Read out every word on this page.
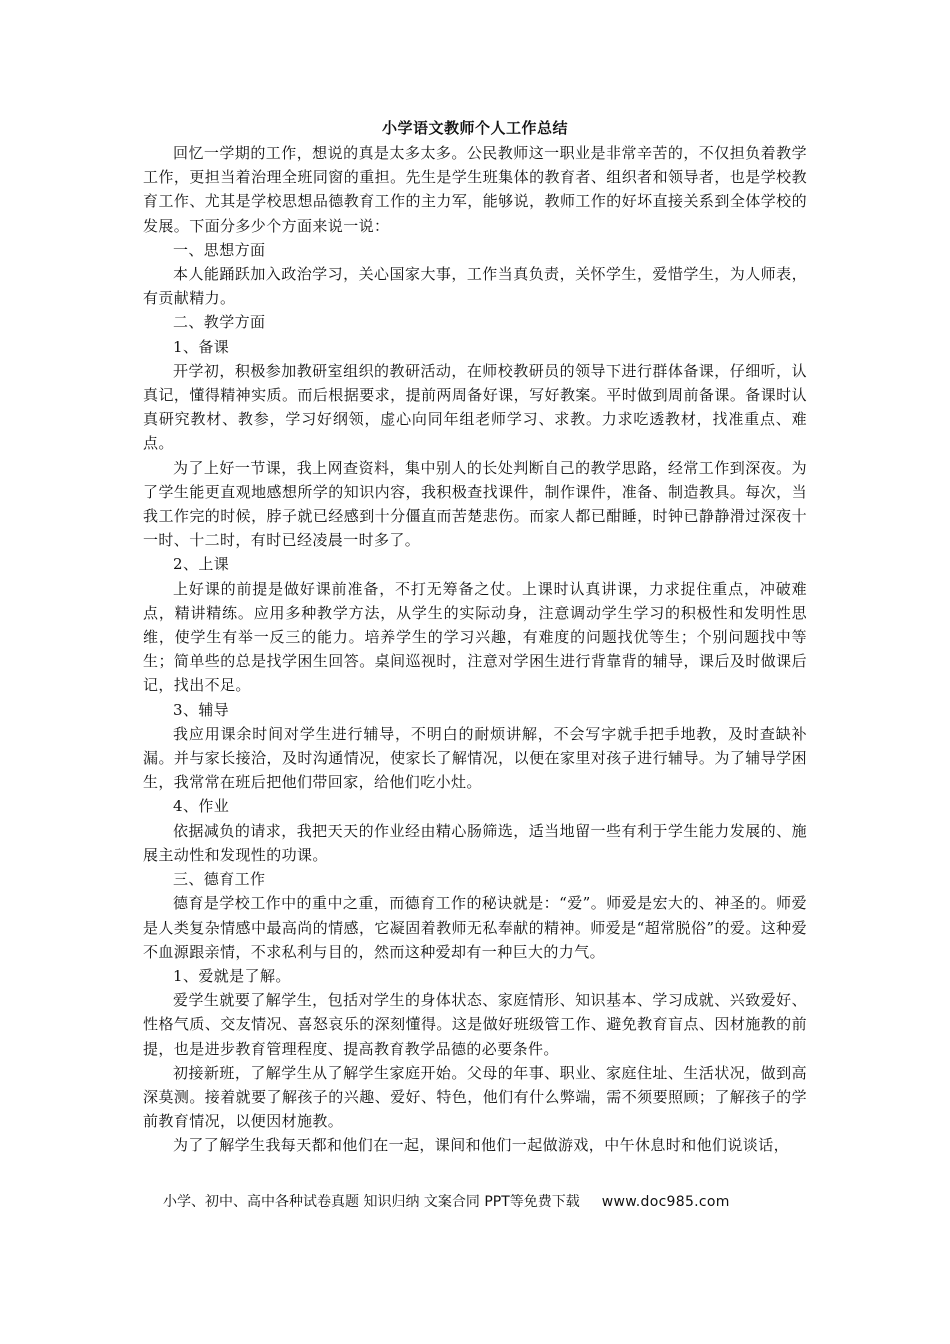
小学语文教师个人工作总结

回忆一学期的工作，想说的真是太多太多。公民教师这一职业是非常辛苦的，不仅担负着教学工作，更担当着治理全班同窗的重担。先生是学生班集体的教育者、组织者和领导者，也是学校教育工作、尤其是学校思想品德教育工作的主力军，能够说，教师工作的好坏直接关系到全体学校的发展。下面分多少个方面来说一说：

一、思想方面

本人能踊跃加入政治学习，关心国家大事，工作当真负责，关怀学生，爱惜学生，为人师表，有贡献精力。

二、教学方面

1、备课

开学初，积极参加教研室组织的教研活动，在师校教研员的领导下进行群体备课，仔细听，认真记，懂得精神实质。而后根据要求，提前两周备好课，写好教案。平时做到周前备课。备课时认真研究教材、教参，学习好纲领，虚心向同年组老师学习、求教。力求吃透教材，找准重点、难点。

为了上好一节课，我上网查资料，集中别人的长处判断自己的教学思路，经常工作到深夜。为了学生能更直观地感想所学的知识内容，我积极查找课件，制作课件，准备、制造教具。每次，当我工作完的时候，脖子就已经感到十分僵直而苦楚悲伤。而家人都已酣睡，时钟已静静滑过深夜十一时、十二时，有时已经凌晨一时多了。

2、上课

上好课的前提是做好课前准备，不打无筹备之仗。上课时认真讲课，力求捉住重点，冲破难点，精讲精练。应用多种教学方法，从学生的实际动身，注意调动学生学习的积极性和发明性思维，使学生有举一反三的能力。培养学生的学习兴趣，有难度的问题找优等生；个别问题找中等生；简单些的总是找学困生回答。桌间巡视时，注意对学困生进行背靠背的辅导，课后及时做课后记，找出不足。

3、辅导

我应用课余时间对学生进行辅导，不明白的耐烦讲解，不会写字就手把手地教，及时查缺补漏。并与家长接洽，及时沟通情况，使家长了解情况，以便在家里对孩子进行辅导。为了辅导学困生，我常常在班后把他们带回家，给他们吃小灶。

4、作业

依据减负的请求，我把天天的作业经由精心肠筛选，适当地留一些有利于学生能力发展的、施展主动性和发现性的功课。

三、德育工作

德育是学校工作中的重中之重，而德育工作的秘诀就是：“爱”。师爱是宏大的、神圣的。师爱是人类复杂情感中最高尚的情感，它凝固着教师无私奉献的精神。师爱是“超常脱俗”的爱。这种爱不血源跟亲情，不求私利与目的，然而这种爱却有一种巨大的力气。

1、爱就是了解。

爱学生就要了解学生，包括对学生的身体状态、家庭情形、知识基本、学习成就、兴致爱好、性格气质、交友情况、喜怒哀乐的深刻懂得。这是做好班级管工作、避免教育盲点、因材施教的前提，也是进步教育管理程度、提高教育教学品德的必要条件。

初接新班，了解学生从了解学生家庭开始。父母的年事、职业、家庭住址、生活状况，做到高深莫测。接着就要了解孩子的兴趣、爱好、特色，他们有什么弊端，需不须要照顾；了解孩子的学前教育情况，以便因材施教。

为了了解学生我每天都和他们在一起，课间和他们一起做游戏，中午休息时和他们说谈话，

小学、初中、高中各种试卷真题 知识归纳 文案合同 PPT等免费下载 www.doc985.com
